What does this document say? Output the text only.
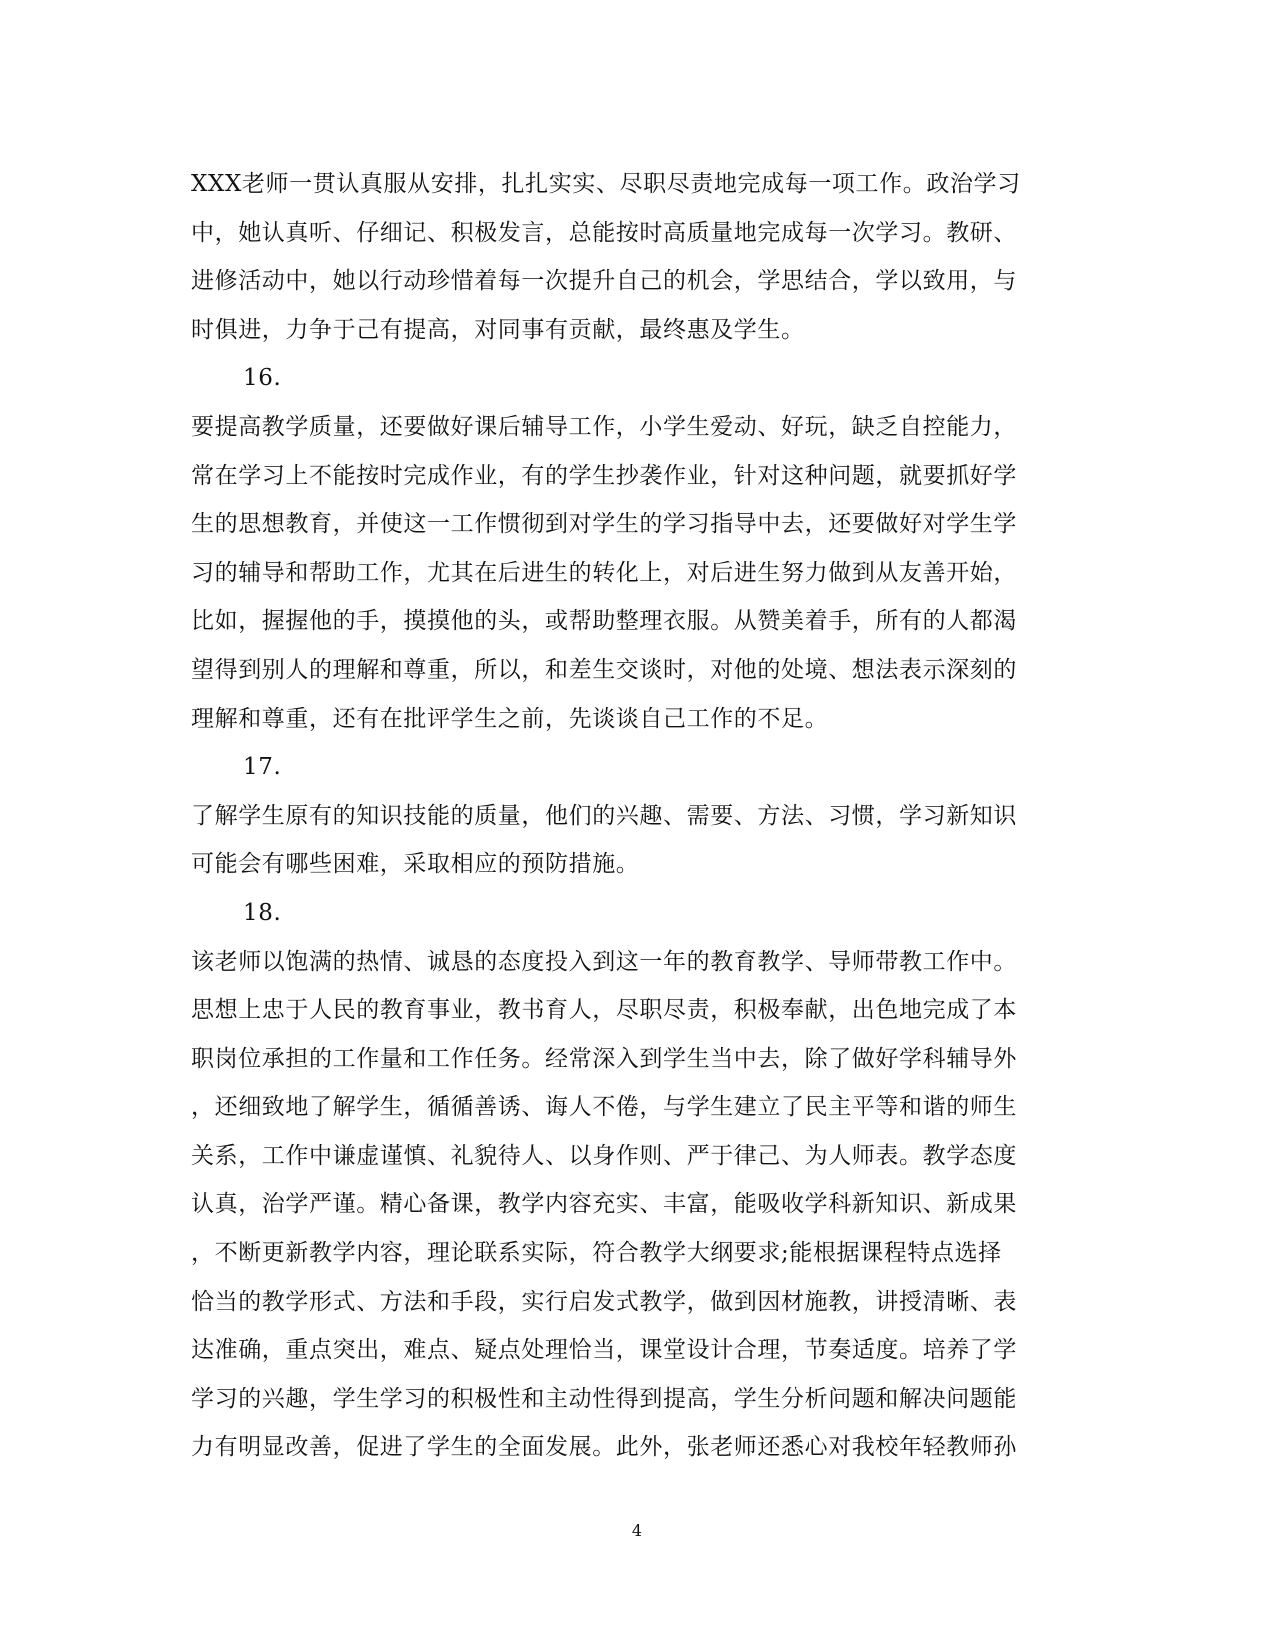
XXX老师一贯认真服从安排，扎扎实实、尽职尽责地完成每一项工作。政治学习
中，她认真听、仔细记、积极发言，总能按时高质量地完成每一次学习。教研、
进修活动中，她以行动珍惜着每一次提升自己的机会，学思结合，学以致用，与
时俱进，力争于己有提高，对同事有贡献，最终惠及学生。
16.
要提高教学质量，还要做好课后辅导工作，小学生爱动、好玩，缺乏自控能力，
常在学习上不能按时完成作业，有的学生抄袭作业，针对这种问题，就要抓好学
生的思想教育，并使这一工作惯彻到对学生的学习指导中去，还要做好对学生学
习的辅导和帮助工作，尤其在后进生的转化上，对后进生努力做到从友善开始，
比如，握握他的手，摸摸他的头，或帮助整理衣服。从赞美着手，所有的人都渴
望得到别人的理解和尊重，所以，和差生交谈时，对他的处境、想法表示深刻的
理解和尊重，还有在批评学生之前，先谈谈自己工作的不足。
17.
了解学生原有的知识技能的质量，他们的兴趣、需要、方法、习惯，学习新知识
可能会有哪些困难，采取相应的预防措施。
18.
该老师以饱满的热情、诚恳的态度投入到这一年的教育教学、导师带教工作中。
思想上忠于人民的教育事业，教书育人，尽职尽责，积极奉献，出色地完成了本
职岗位承担的工作量和工作任务。经常深入到学生当中去，除了做好学科辅导外
，还细致地了解学生，循循善诱、诲人不倦，与学生建立了民主平等和谐的师生
关系，工作中谦虚谨慎、礼貌待人、以身作则、严于律己、为人师表。教学态度
认真，治学严谨。精心备课，教学内容充实、丰富，能吸收学科新知识、新成果
，不断更新教学内容，理论联系实际，符合教学大纲要求;能根据课程特点选择
恰当的教学形式、方法和手段，实行启发式教学，做到因材施教，讲授清晰、表
达准确，重点突出，难点、疑点处理恰当，课堂设计合理，节奏适度。培养了学
学习的兴趣，学生学习的积极性和主动性得到提高，学生分析问题和解决问题能
力有明显改善，促进了学生的全面发展。此外，张老师还悉心对我校年轻教师孙
4
